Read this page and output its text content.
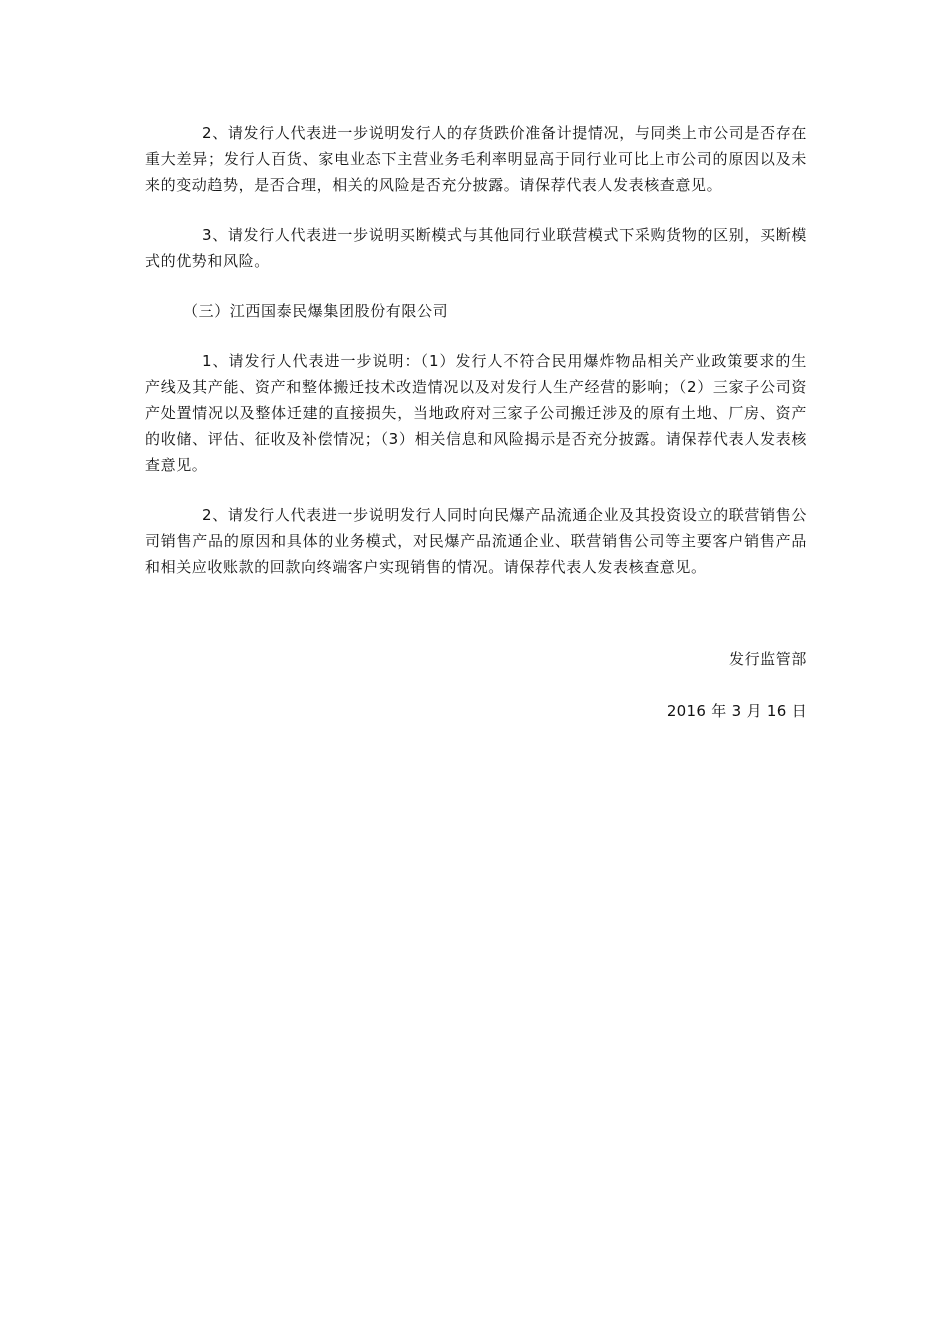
2、请发行人代表进一步说明发行人的存货跌价准备计提情况，与同类上市公司是否存在重大差异；发行人百货、家电业态下主营业务毛利率明显高于同行业可比上市公司的原因以及未来的变动趋势，是否合理，相关的风险是否充分披露。请保荐代表人发表核查意见。

3、请发行人代表进一步说明买断模式与其他同行业联营模式下采购货物的区别，买断模式的优势和风险。

（三）江西国泰民爆集团股份有限公司

1、请发行人代表进一步说明：（1）发行人不符合民用爆炸物品相关产业政策要求的生产线及其产能、资产和整体搬迁技术改造情况以及对发行人生产经营的影响；（2）三家子公司资产处置情况以及整体迁建的直接损失，当地政府对三家子公司搬迁涉及的原有土地、厂房、资产的收储、评估、征收及补偿情况；（3）相关信息和风险揭示是否充分披露。请保荐代表人发表核查意见。

2、请发行人代表进一步说明发行人同时向民爆产品流通企业及其投资设立的联营销售公司销售产品的原因和具体的业务模式，对民爆产品流通企业、联营销售公司等主要客户销售产品和相关应收账款的回款向终端客户实现销售的情况。请保荐代表人发表核查意见。

发行监管部
2016 年 3 月 16 日
